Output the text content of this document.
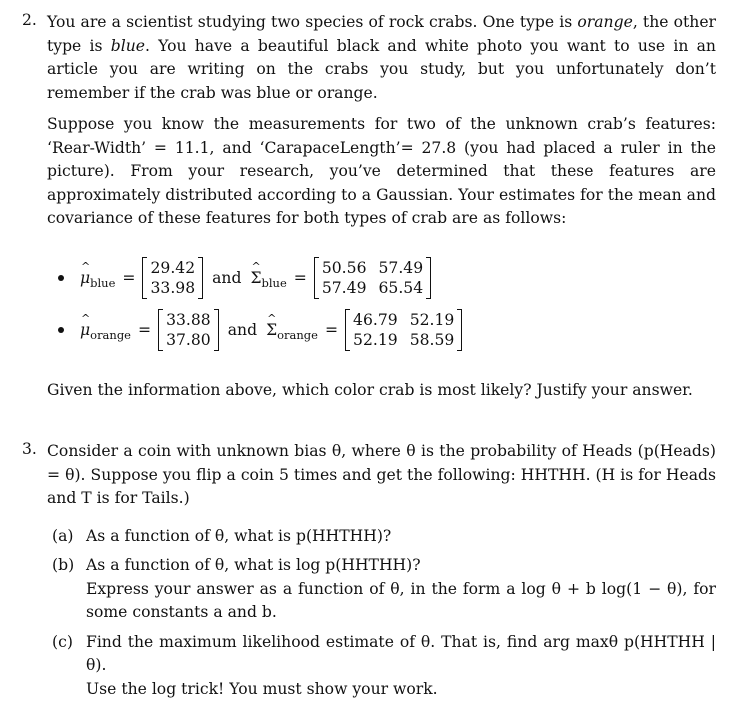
2. You are a scientist studying two species of rock crabs. One type is orange, the other type is blue. You have a beautiful black and white photo you want to use in an article you are writing on the crabs you study, but you unfortunately don’t remember if the crab was blue or orange.

Suppose you know the measurements for two of the unknown crab’s features: ‘Rear-Width’ = 11.1, and ‘CarapaceLength’= 27.8 (you had placed a ruler in the picture). From your research, you’ve determined that these features are approximately distributed according to a Gaussian. Your estimates for the mean and covariance of these features for both types of crab are as follows:

^ $\mu_{blue}$ =
29.42
33.98
and ^ $\Sigma_{blue}$ =
50.56 57.49
57.49 65.54
^ $\mu_{orange}$ =
33.88
37.80
and ^ $\Sigma_{orange}$ =
46.79 52.19
52.19 58.59

Given the information above, which color crab is most likely? Justify your answer.

3. Consider a coin with unknown bias θ, where θ is the probability of Heads (p(Heads) = θ). Suppose you flip a coin 5 times and get the following: HHTHH. (H is for Heads and T is for Tails.)

(a) As a function of θ, what is p(HHTHH)?
(b) As a function of θ, what is log p(HHTHH)?
Express your answer as a function of θ, in the form a log θ + b log(1 − θ), for some constants a and b.
(c) Find the maximum likelihood estimate of θ. That is, find arg maxθ p(HHTHH | θ).
Use the log trick! You must show your work.
